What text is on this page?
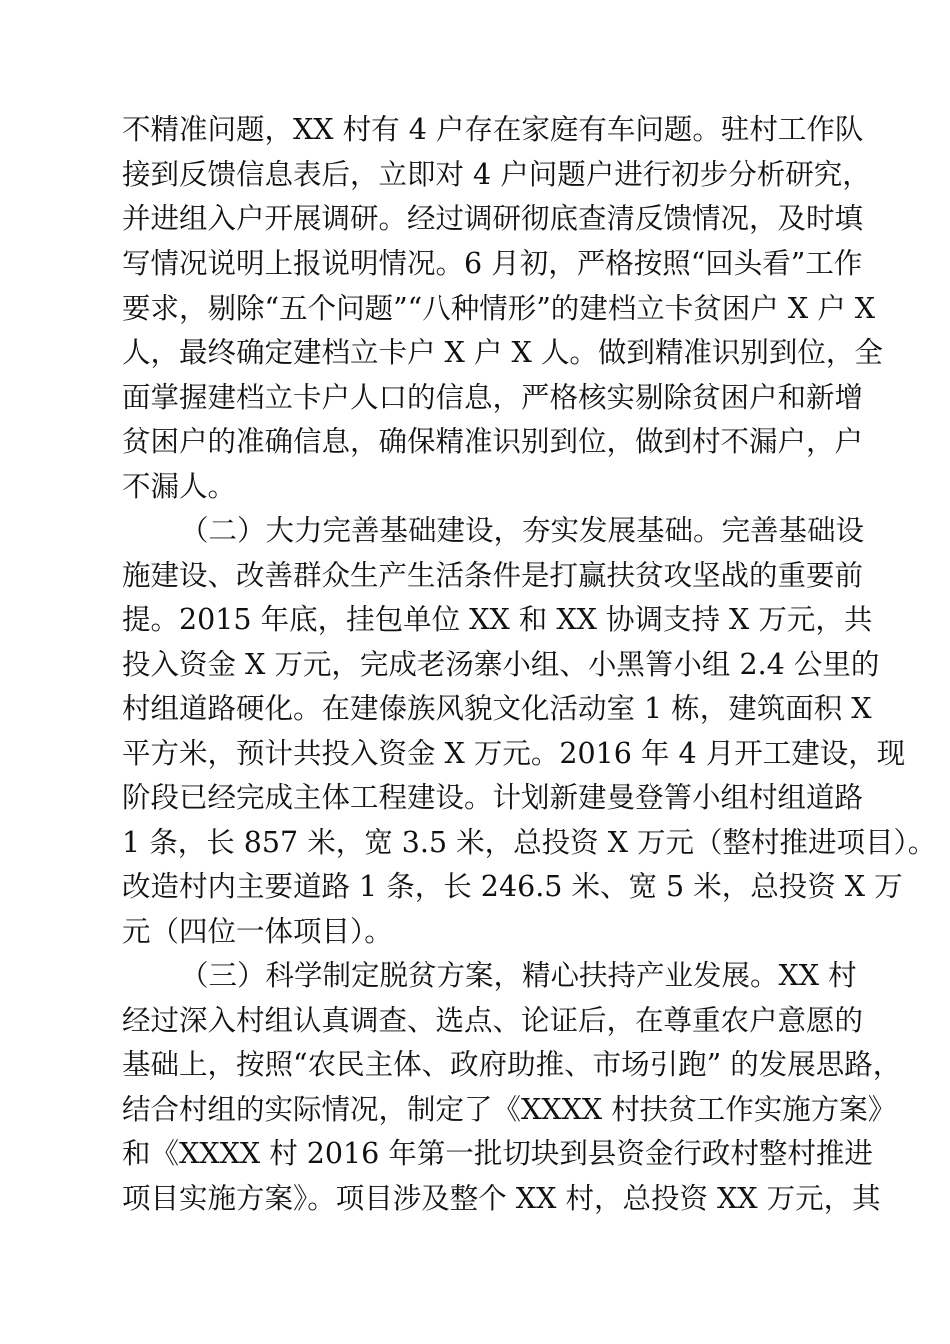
不精准问题，XX 村有 4 户存在家庭有车问题。驻村工作队
接到反馈信息表后，立即对 4 户问题户进行初步分析研究，
并进组入户开展调研。经过调研彻底查清反馈情况，及时填
写情况说明上报说明情况。6 月初，严格按照“回头看”工作
要求，剔除“五个问题”“八种情形”的建档立卡贫困户 X 户 X
人，最终确定建档立卡户 X 户 X 人。做到精准识别到位，全
面掌握建档立卡户人口的信息，严格核实剔除贫困户和新增
贫困户的准确信息，确保精准识别到位，做到村不漏户，户
不漏人。
（二）大力完善基础建设，夯实发展基础。完善基础设
施建设、改善群众生产生活条件是打赢扶贫攻坚战的重要前
提。2015 年底，挂包单位 XX 和 XX 协调支持 X 万元，共
投入资金 X 万元，完成老汤寨小组、小黑箐小组 2.4 公里的
村组道路硬化。在建傣族风貌文化活动室 1 栋，建筑面积 X
平方米，预计共投入资金 X 万元。2016 年 4 月开工建设，现
阶段已经完成主体工程建设。计划新建曼登箐小组村组道路
1 条，长 857 米，宽 3.5 米，总投资 X 万元（整村推进项目）。
改造村内主要道路 1 条，长 246.5 米、宽 5 米，总投资 X 万
元（四位一体项目）。
（三）科学制定脱贫方案，精心扶持产业发展。XX 村
经过深入村组认真调查、选点、论证后，在尊重农户意愿的
基础上，按照“农民主体、政府助推、市场引跑” 的发展思路，
结合村组的实际情况，制定了《XXXX 村扶贫工作实施方案》
和《XXXX 村 2016 年第一批切块到县资金行政村整村推进
项目实施方案》。项目涉及整个 XX 村，总投资 XX 万元，其
